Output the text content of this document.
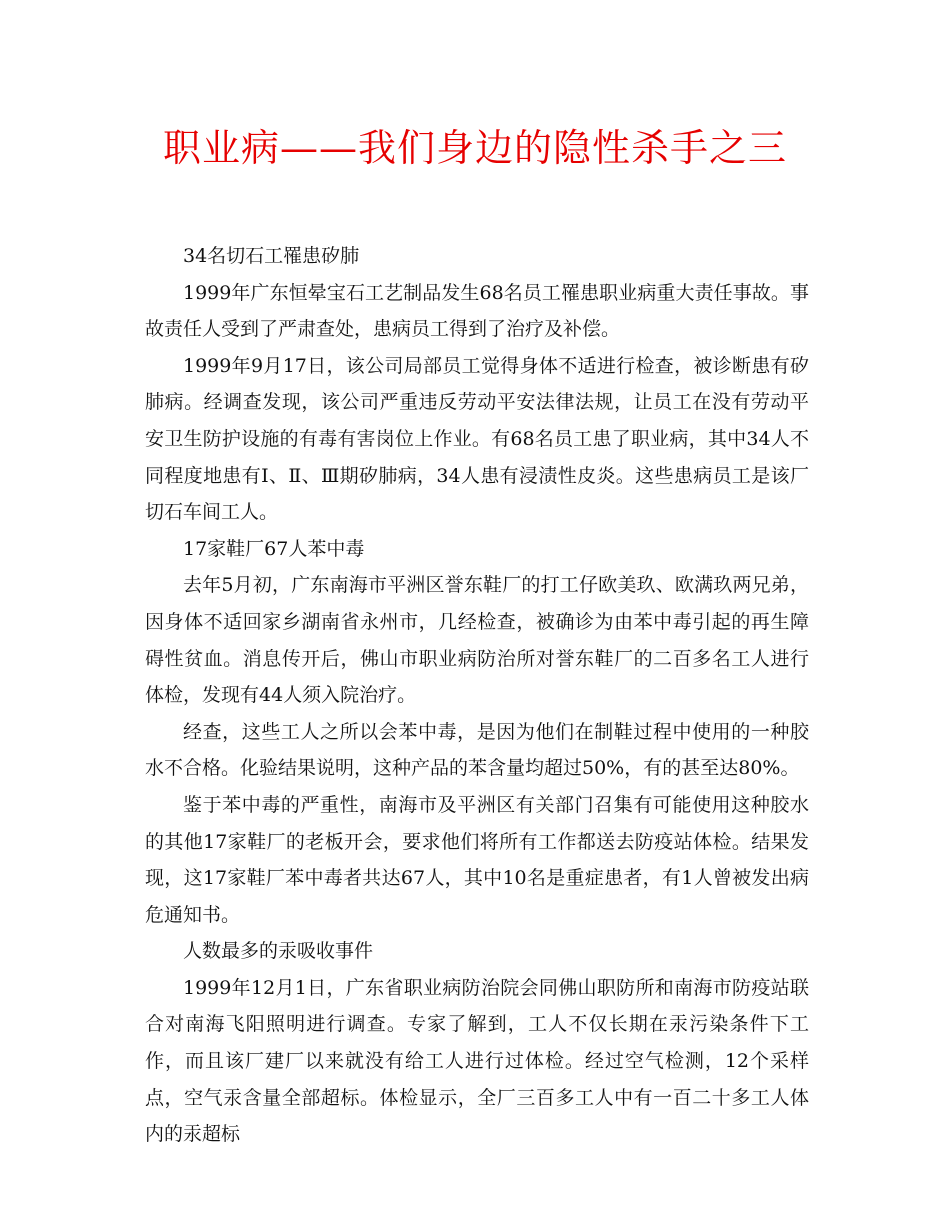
职业病——我们身边的隐性杀手之三

34名切石工罹患矽肺

1999年广东恒晕宝石工艺制品发生68名员工罹患职业病重大责任事故。事故责任人受到了严肃查处，患病员工得到了治疗及补偿。

1999年9月17日，该公司局部员工觉得身体不适进行检查，被诊断患有矽肺病。经调查发现，该公司严重违反劳动平安法律法规，让员工在没有劳动平安卫生防护设施的有毒有害岗位上作业。有68名员工患了职业病，其中34人不同程度地患有Ⅰ、Ⅱ、Ⅲ期矽肺病，34人患有浸渍性皮炎。这些患病员工是该厂切石车间工人。

17家鞋厂67人苯中毒

去年5月初，广东南海市平洲区誉东鞋厂的打工仔欧美玖、欧满玖两兄弟，因身体不适回家乡湖南省永州市，几经检查，被确诊为由苯中毒引起的再生障碍性贫血。消息传开后，佛山市职业病防治所对誉东鞋厂的二百多名工人进行体检，发现有44人须入院治疗。

经查，这些工人之所以会苯中毒，是因为他们在制鞋过程中使用的一种胶水不合格。化验结果说明，这种产品的苯含量均超过50%，有的甚至达80%。

鉴于苯中毒的严重性，南海市及平洲区有关部门召集有可能使用这种胶水的其他17家鞋厂的老板开会，要求他们将所有工作都送去防疫站体检。结果发现，这17家鞋厂苯中毒者共达67人，其中10名是重症患者，有1人曾被发出病危通知书。

人数最多的汞吸收事件

1999年12月1日，广东省职业病防治院会同佛山职防所和南海市防疫站联合对南海飞阳照明进行调查。专家了解到，工人不仅长期在汞污染条件下工作，而且该厂建厂以来就没有给工人进行过体检。经过空气检测，12个采样点，空气汞含量全部超标。体检显示，全厂三百多工人中有一百二十多工人体内的汞超标
